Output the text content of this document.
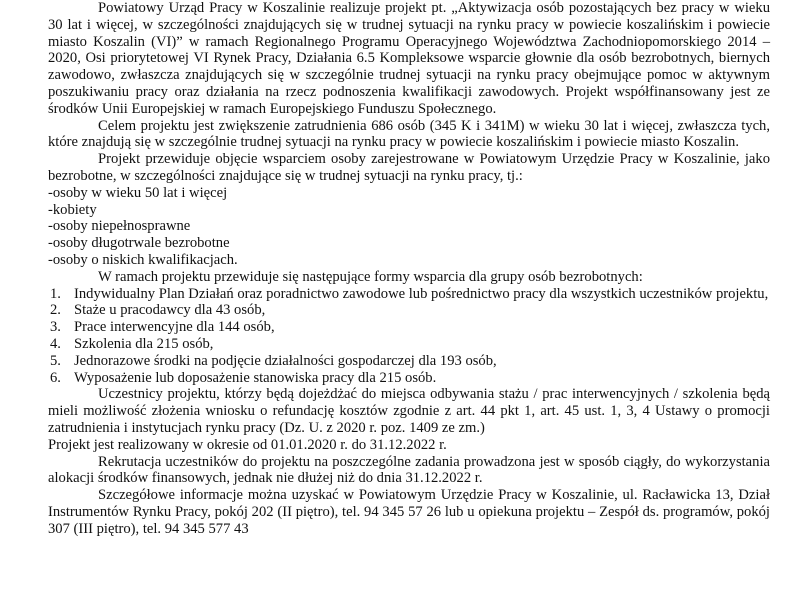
Powiatowy Urząd Pracy w Koszalinie realizuje projekt pt. „Aktywizacja osób pozostających bez pracy w wieku 30 lat i więcej, w szczególności znajdujących się w trudnej sytuacji na rynku pracy w powiecie koszalińskim i powiecie miasto Koszalin (VI)” w ramach Regionalnego Programu Operacyjnego Województwa Zachodniopomorskiego 2014 – 2020, Osi priorytetowej VI Rynek Pracy, Działania 6.5 Kompleksowe wsparcie głownie dla osób bezrobotnych, biernych zawodowo, zwłaszcza znajdujących się w szczególnie trudnej sytuacji na rynku pracy obejmujące pomoc w aktywnym poszukiwaniu pracy oraz działania na rzecz podnoszenia kwalifikacji zawodowych. Projekt współfinansowany jest ze środków Unii Europejskiej w ramach Europejskiego Funduszu Społecznego.

Celem projektu jest zwiększenie zatrudnienia 686 osób (345 K i 341M) w wieku 30 lat i więcej, zwłaszcza tych, które znajdują się w szczególnie trudnej sytuacji na rynku pracy w powiecie koszalińskim i powiecie miasto Koszalin.

Projekt przewiduje objęcie wsparciem osoby zarejestrowane w Powiatowym Urzędzie Pracy w Koszalinie, jako bezrobotne, w szczególności znajdujące się w trudnej sytuacji na rynku pracy, tj.:

-osoby w wieku 50 lat i więcej
-kobiety
-osoby niepełnosprawne
-osoby długotrwale bezrobotne
-osoby o niskich kwalifikacjach.

W ramach projektu przewiduje się następujące formy wsparcia dla grupy osób bezrobotnych:

1. Indywidualny Plan Działań oraz poradnictwo zawodowe lub pośrednictwo pracy dla wszystkich uczestników projektu,
2. Staże u pracodawcy dla 43 osób,
3. Prace interwencyjne dla 144 osób,
4. Szkolenia dla 215 osób,
5. Jednorazowe środki na podjęcie działalności gospodarczej dla 193 osób,
6. Wyposażenie lub doposażenie stanowiska pracy dla 215 osób.

Uczestnicy projektu, którzy będą dojeżdżać do miejsca odbywania stażu / prac interwencyjnych / szkolenia będą mieli możliwość złożenia wniosku o refundację kosztów zgodnie z art. 44 pkt 1, art. 45 ust. 1, 3, 4 Ustawy o promocji zatrudnienia i instytucjach rynku pracy (Dz. U. z 2020 r. poz. 1409 ze zm.)

Projekt jest realizowany w okresie od 01.01.2020 r. do 31.12.2022 r.

Rekrutacja uczestników do projektu na poszczególne zadania prowadzona jest w sposób ciągły, do wykorzystania alokacji środków finansowych, jednak nie dłużej niż do dnia 31.12.2022 r.

Szczegółowe informacje można uzyskać w Powiatowym Urzędzie Pracy w Koszalinie, ul. Racławicka 13, Dział Instrumentów Rynku Pracy, pokój 202 (II piętro), tel. 94 345 57 26 lub u opiekuna projektu – Zespół ds. programów, pokój 307 (III piętro), tel. 94 345 577 43
